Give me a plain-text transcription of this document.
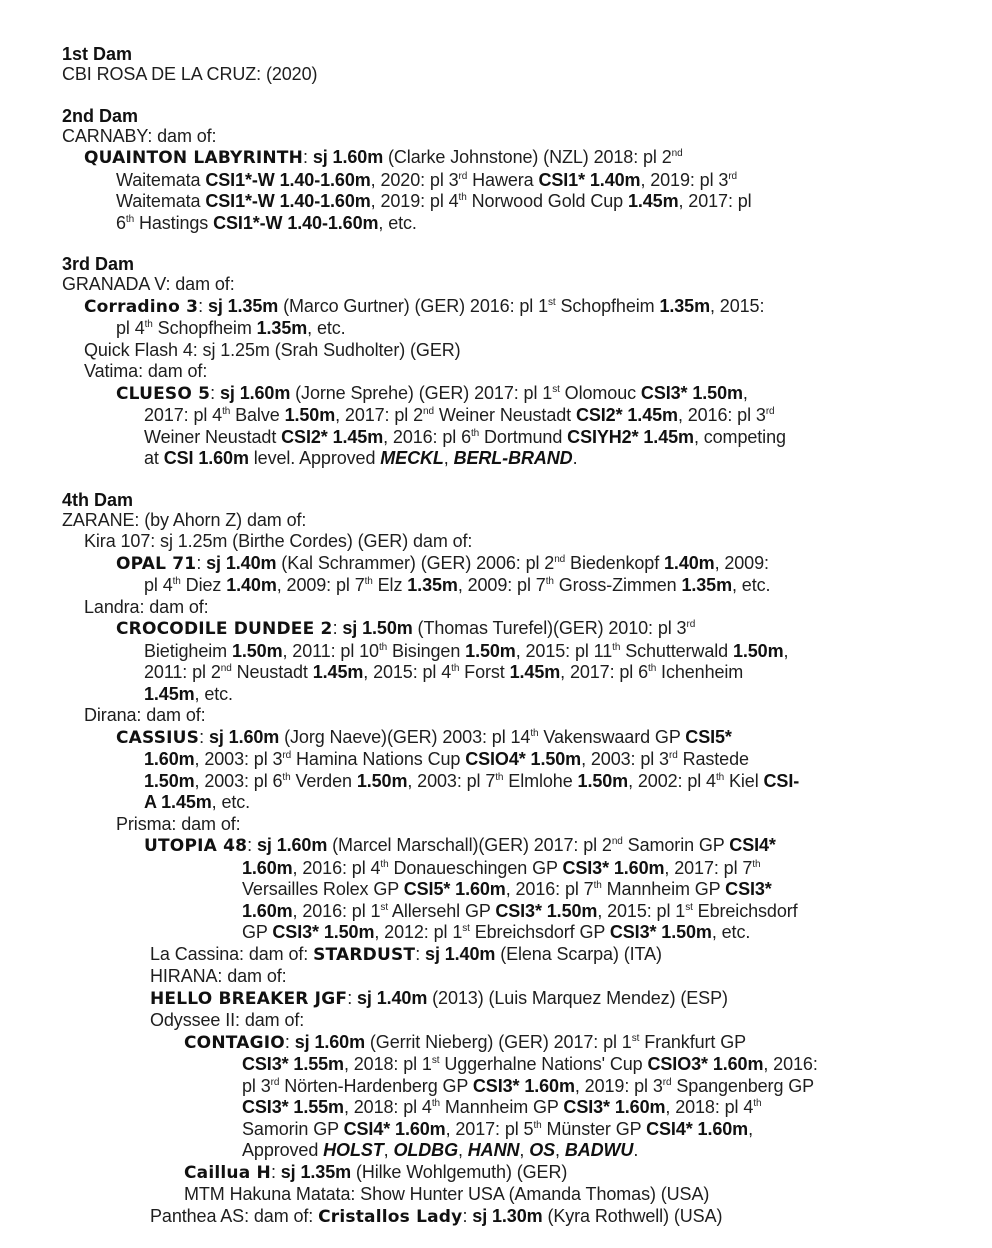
1st Dam
CBI ROSA DE LA CRUZ: (2020)
2nd Dam
CARNABY: dam of:
QUAINTON LABYRINTH: sj 1.60m (Clarke Johnstone) (NZL) 2018: pl 2nd
Waitemata CSI1*-W 1.40-1.60m, 2020: pl 3rd Hawera CSI1* 1.40m, 2019: pl 3rd
Waitemata CSI1*-W 1.40-1.60m, 2019: pl 4th Norwood Gold Cup 1.45m, 2017: pl
6th Hastings CSI1*-W 1.40-1.60m, etc.
3rd Dam
GRANADA V: dam of:
Corradino 3: sj 1.35m (Marco Gurtner) (GER) 2016: pl 1st Schopfheim 1.35m, 2015:
pl 4th Schopfheim 1.35m, etc.
Quick Flash 4: sj 1.25m (Srah Sudholter) (GER)
Vatima: dam of:
CLUESO 5: sj 1.60m (Jorne Sprehe) (GER) 2017: pl 1st Olomouc CSI3* 1.50m,
2017: pl 4th Balve 1.50m, 2017: pl 2nd Weiner Neustadt CSI2* 1.45m, 2016: pl 3rd
Weiner Neustadt CSI2* 1.45m, 2016: pl 6th Dortmund CSIYH2* 1.45m, competing
at CSI 1.60m level. Approved MECKL, BERL-BRAND.
4th Dam
ZARANE: (by Ahorn Z) dam of:
Kira 107: sj 1.25m (Birthe Cordes) (GER) dam of:
OPAL 71: sj 1.40m (Kal Schrammer) (GER) 2006: pl 2nd Biedenkopf 1.40m, 2009:
pl 4th Diez 1.40m, 2009: pl 7th Elz 1.35m, 2009: pl 7th Gross-Zimmen 1.35m, etc.
Landra: dam of:
CROCODILE DUNDEE 2: sj 1.50m (Thomas Turefel)(GER) 2010: pl 3rd
Bietigheim 1.50m, 2011: pl 10th Bisingen 1.50m, 2015: pl 11th Schutterwald 1.50m,
2011: pl 2nd Neustadt 1.45m, 2015: pl 4th Forst 1.45m, 2017: pl 6th Ichenheim
1.45m, etc.
Dirana: dam of:
CASSIUS: sj 1.60m (Jorg Naeve)(GER) 2003: pl 14th Vakenswaard GP CSI5*
1.60m, 2003: pl 3rd Hamina Nations Cup CSIO4* 1.50m, 2003: pl 3rd Rastede
1.50m, 2003: pl 6th Verden 1.50m, 2003: pl 7th Elmlohe 1.50m, 2002: pl 4th Kiel CSI-
A 1.45m, etc.
Prisma: dam of:
UTOPIA 48: sj 1.60m (Marcel Marschall)(GER) 2017: pl 2nd Samorin GP CSI4*
1.60m, 2016: pl 4th Donaueschingen GP CSI3* 1.60m, 2017: pl 7th
Versailles Rolex GP CSI5* 1.60m, 2016: pl 7th Mannheim GP CSI3*
1.60m, 2016: pl 1st Allersehl GP CSI3* 1.50m, 2015: pl 1st Ebreichsdorf
GP CSI3* 1.50m, 2012: pl 1st Ebreichsdorf GP CSI3* 1.50m, etc.
La Cassina: dam of: STARDUST: sj 1.40m (Elena Scarpa) (ITA)
HIRANA: dam of:
HELLO BREAKER JGF: sj 1.40m (2013) (Luis Marquez Mendez) (ESP)
Odyssee II: dam of:
CONTAGIO: sj 1.60m (Gerrit Nieberg) (GER) 2017: pl 1st Frankfurt GP
CSI3* 1.55m, 2018: pl 1st Uggerhalne Nations' Cup CSIO3* 1.60m, 2016:
pl 3rd Nörten-Hardenberg GP CSI3* 1.60m, 2019: pl 3rd Spangenberg GP
CSI3* 1.55m, 2018: pl 4th Mannheim GP CSI3* 1.60m, 2018: pl 4th
Samorin GP CSI4* 1.60m, 2017: pl 5th Münster GP CSI4* 1.60m,
Approved HOLST, OLDBG, HANN, OS, BADWU.
Caillua H: sj 1.35m (Hilke Wohlgemuth) (GER)
MTM Hakuna Matata: Show Hunter USA (Amanda Thomas) (USA)
Panthea AS: dam of: Cristallos Lady: sj 1.30m (Kyra Rothwell) (USA)
